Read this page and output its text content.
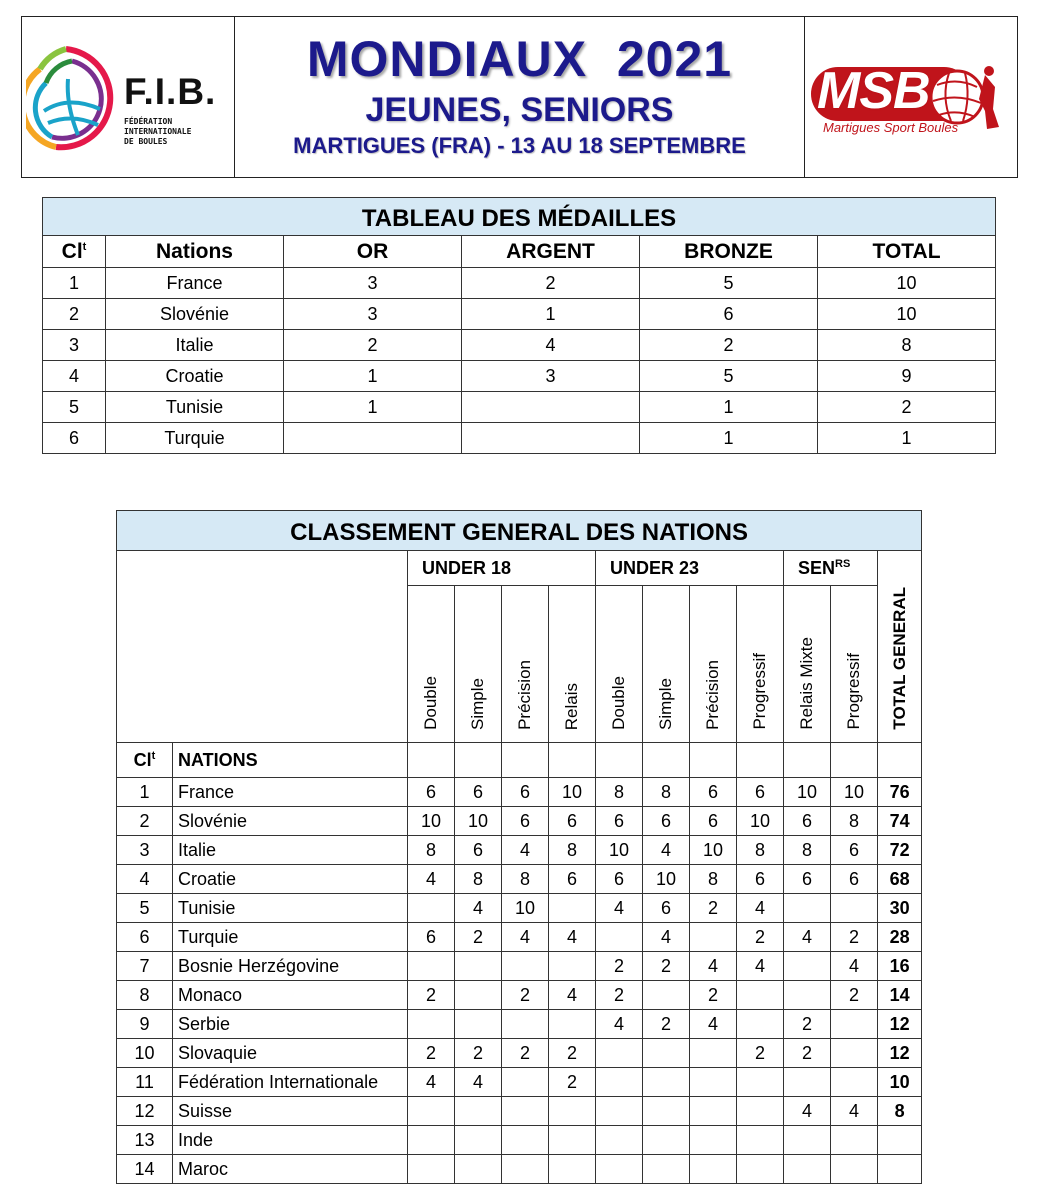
F.I.B.
FÉDÉRATION
INTERNATIONALE
DE BOULES
MONDIAUX  2021
JEUNES, SENIORS
MARTIGUES (FRA) - 13 AU 18 SEPTEMBRE
MSB
Martigues Sport Boules
TABLEAU DES MÉDAILLES					
Cl$^t$	Nations	OR	ARGENT	BRONZE	TOTAL
1	France	3	2	5	10
2	Slovénie	3	1	6	10
3	Italie	2	4	2	8
4	Croatie	1	3	5	9
5	Tunisie	1		1	2
6	Turquie			1	1
CLASSEMENT GENERAL DES NATIONS												
		UNDER 18				UNDER 23				$SEN^{RS}$		TOTAL GENERAL

		Double	Simple	Précision	Relais	Double	Simple	Précision	Progressif	Relais Mixte	Progressif	

Cl$^t$	NATIONS											
1	France	6	6	6	10	8	8	6	6	10	10	76
2	Slovénie	10	10	6	6	6	6	6	10	6	8	74
3	Italie	8	6	4	8	10	4	10	8	8	6	72
4	Croatie	4	8	8	6	6	10	8	6	6	6	68
5	Tunisie		4	10		4	6	2	4			30
6	Turquie	6	2	4	4		4		2	4	2	28
7	Bosnie Herzégovine					2	2	4	4		4	16
8	Monaco	2		2	4	2		2			2	14
9	Serbie					4	2	4		2		12
10	Slovaquie	2	2	2	2				2	2		12
11	Fédération Internationale	4	4		2							10
12	Suisse									4	4	8
13	Inde											
14	Maroc											
